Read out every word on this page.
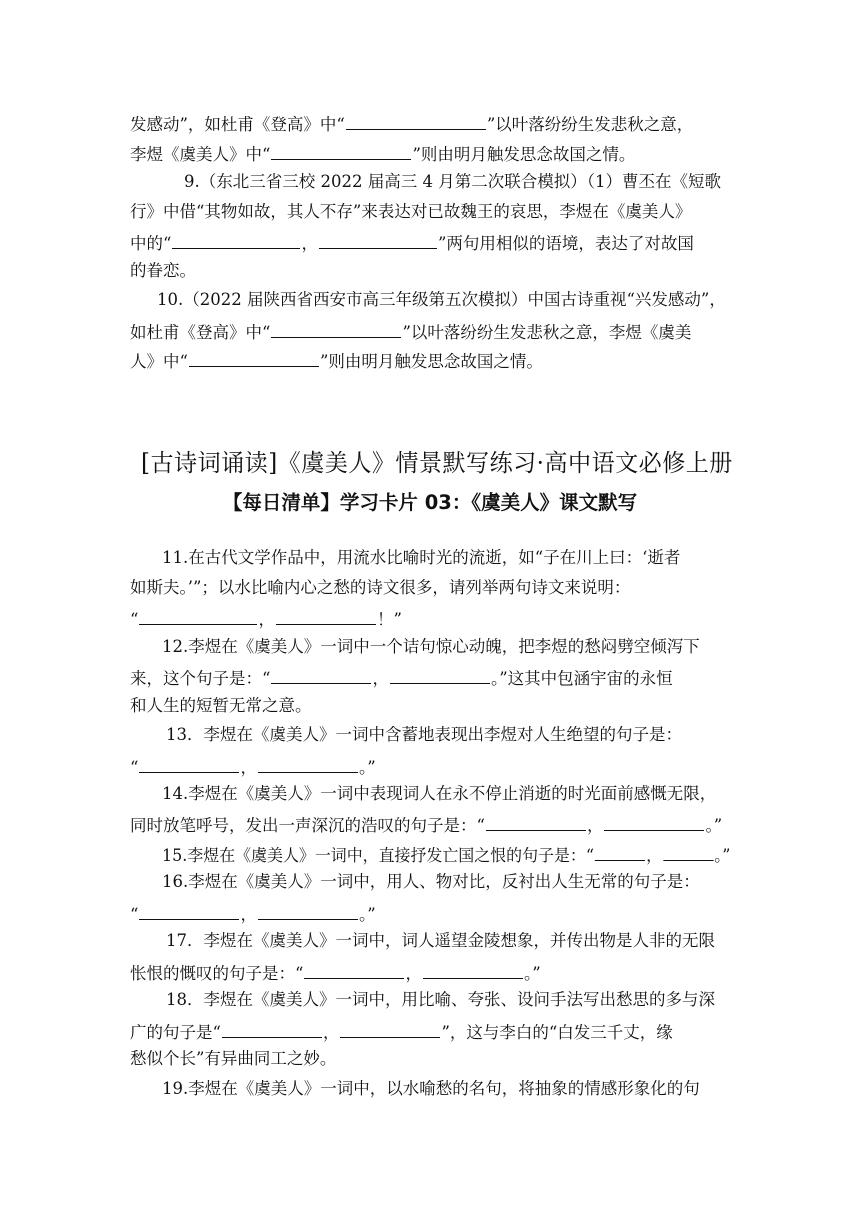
发感动”，如杜甫《登高》中“	”以叶落纷纷生发悲秋之意，
李煜《虞美人》中“	”则由明月触发思念故国之情。
9.（东北三省三校 2022 届高三 4 月第二次联合模拟）（1）曹丕在《短歌
行》中借“其物如故，其人不存”来表达对已故魏王的哀思，李煜在《虞美人》
中的“	，	”两句用相似的语境，表达了对故国
的眷恋。
10.（2022 届陕西省西安市高三年级第五次模拟）中国古诗重视“兴发感动”，
如杜甫《登高》中“	”以叶落纷纷生发悲秋之意，李煜《虞美
人》中“	”则由明月触发思念故国之情。
11.在古代文学作品中，用流水比喻时光的流逝，如“子在川上曰：‘逝者
如斯夫。’”；以水比喻内心之愁的诗文很多，请列举两句诗文来说明：
“	，	！”
12.李煜在《虞美人》一词中一个诘句惊心动魄，把李煜的愁闷劈空倾泻下
来，这个句子是：“	，	。”这其中包涵宇宙的永恒
和人生的短暂无常之意。
13．李煜在《虞美人》一词中含蓄地表现出李煜对人生绝望的句子是：
“	，	。”
14.李煜在《虞美人》一词中表现词人在永不停止消逝的时光面前感慨无限，
同时放笔呼号，发出一声深沉的浩叹的句子是：“	，	。”
15.李煜在《虞美人》一词中，直接抒发亡国之恨的句子是：“	，	。”
16.李煜在《虞美人》一词中，用人、物对比，反衬出人生无常的句子是：
“	，	。”
17．李煜在《虞美人》一词中，词人遥望金陵想象，并传出物是人非的无限
怅恨的慨叹的句子是：“	，	。”
18．李煜在《虞美人》一词中，用比喻、夸张、设问手法写出愁思的多与深
广的句子是“	，	”，这与李白的“白发三千丈，缘
愁似个长”有异曲同工之妙。
19.李煜在《虞美人》一词中，以水喻愁的名句，将抽象的情感形象化的句
[古诗词诵读]《虞美人》情景默写练习·高中语文必修上册
【每日清单】学习卡片 03：《虞美人》课文默写
